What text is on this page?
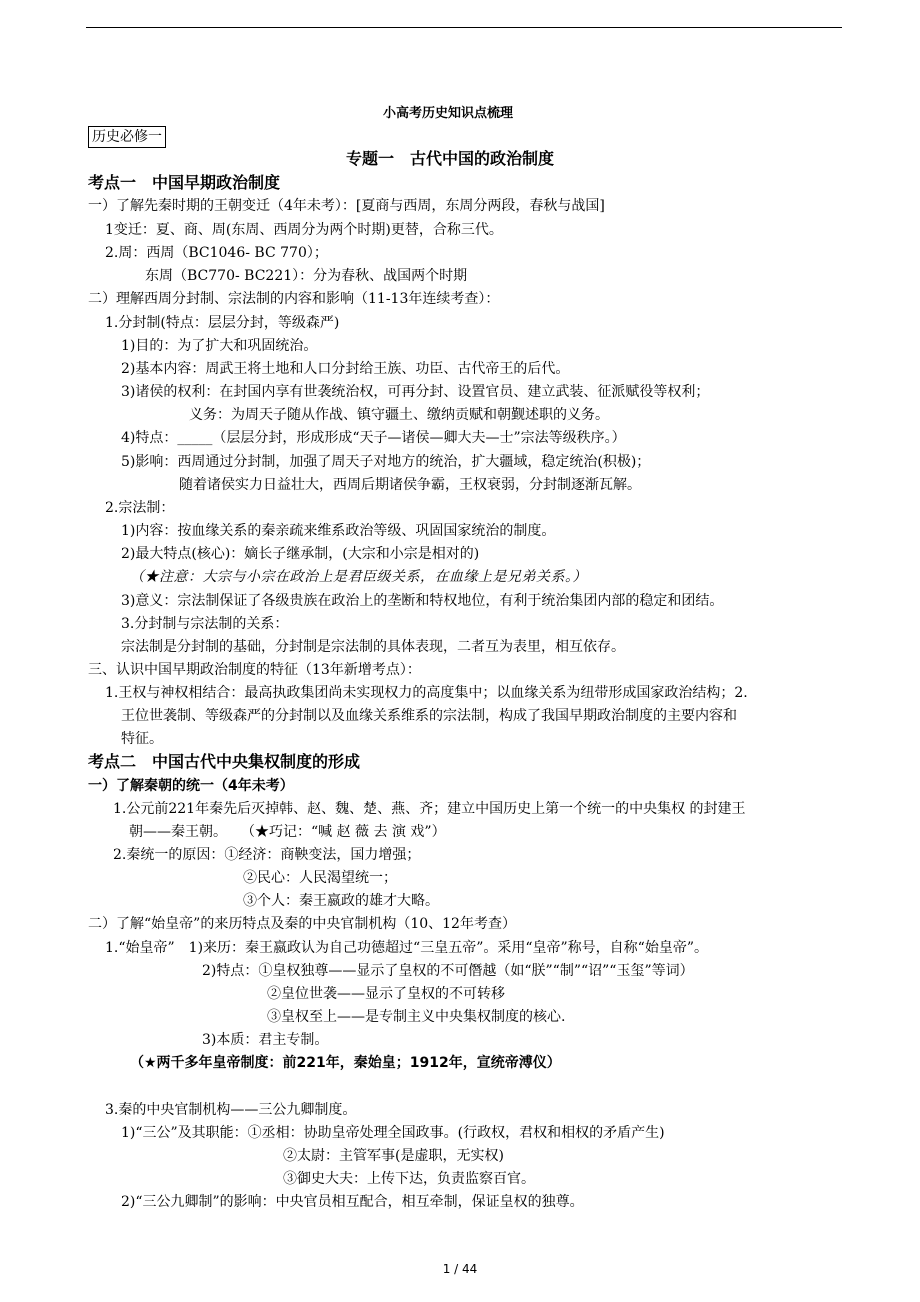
小高考历史知识点梳理
历史必修一
专题一　古代中国的政治制度
考点一　中国早期政治制度
一）了解先秦时期的王朝变迁（4年未考）：[夏商与西周，东周分两段，春秋与战国]
1变迁：夏、商、周(东周、西周分为两个时期)更替，合称三代。
2.周：西周（BC1046- BC 770）；
东周（BC770- BC221）：分为春秋、战国两个时期
二）理解西周分封制、宗法制的内容和影响（11-13年连续考查）：
1.分封制(特点：层层分封，等级森严)
1)目的：为了扩大和巩固统治。
2)基本内容：周武王将土地和人口分封给王族、功臣、古代帝王的后代。
3)诸侯的权利：在封国内享有世袭统治权，可再分封、设置官员、建立武装、征派赋役等权利；
义务：为周天子随从作战、镇守疆土、缴纳贡赋和朝觐述职的义务。
4)特点：_____（层层分封，形成形成“天子—诸侯—卿大夫—士”宗法等级秩序。）
5)影响：西周通过分封制，加强了周天子对地方的统治，扩大疆域，稳定统治(积极)；
随着诸侯实力日益壮大，西周后期诸侯争霸，王权衰弱，分封制逐渐瓦解。
2.宗法制：
1)内容：按血缘关系的秦亲疏来维系政治等级、巩固国家统治的制度。
2)最大特点(核心)：嫡长子继承制，(大宗和小宗是相对的)
（★注意：大宗与小宗在政治上是君臣级关系，在血缘上是兄弟关系。）
3)意义：宗法制保证了各级贵族在政治上的垄断和特权地位，有利于统治集团内部的稳定和团结。
3.分封制与宗法制的关系：
宗法制是分封制的基础，分封制是宗法制的具体表现，二者互为表里，相互依存。
三、认识中国早期政治制度的特征（13年新增考点）：
1.王权与神权相结合：最高执政集团尚未实现权力的高度集中；以血缘关系为纽带形成国家政治结构；2.
王位世袭制、等级森严的分封制以及血缘关系维系的宗法制，构成了我国早期政治制度的主要内容和
特征。
考点二　中国古代中央集权制度的形成
一）了解秦朝的统一（4年未考）
1.公元前221年秦先后灭掉韩、赵、魏、楚、燕、齐；建立中国历史上第一个统一的中央集权 的封建王
朝——秦王朝。　　（★巧记：“喊 赵 薇 去 演 戏”）
2.秦统一的原因：①经济：商鞅变法，国力增强；
②民心：人民渴望统一；
③个人：秦王嬴政的雄才大略。
二）了解“始皇帝”的来历特点及秦的中央官制机构（10、12年考查）
1.“始皇帝”　1)来历：秦王嬴政认为自己功德超过“三皇五帝”。采用“皇帝”称号，自称“始皇帝”。
2)特点：①皇权独尊——显示了皇权的不可僭越（如“朕”“制”“诏”“玉玺”等词）
②皇位世袭——显示了皇权的不可转移
③皇权至上——是专制主义中央集权制度的核心.
3)本质：君主专制。
（★两千多年皇帝制度：前221年，秦始皇；1912年，宣统帝溥仪）
3.秦的中央官制机构——三公九卿制度。
1)“三公”及其职能：①丞相：协助皇帝处理全国政事。(行政权，君权和相权的矛盾产生)
②太尉：主管军事(是虚职，无实权)
③御史大夫：上传下达，负责监察百官。
2)“三公九卿制”的影响：中央官员相互配合，相互牵制，保证皇权的独尊。
1 / 44
